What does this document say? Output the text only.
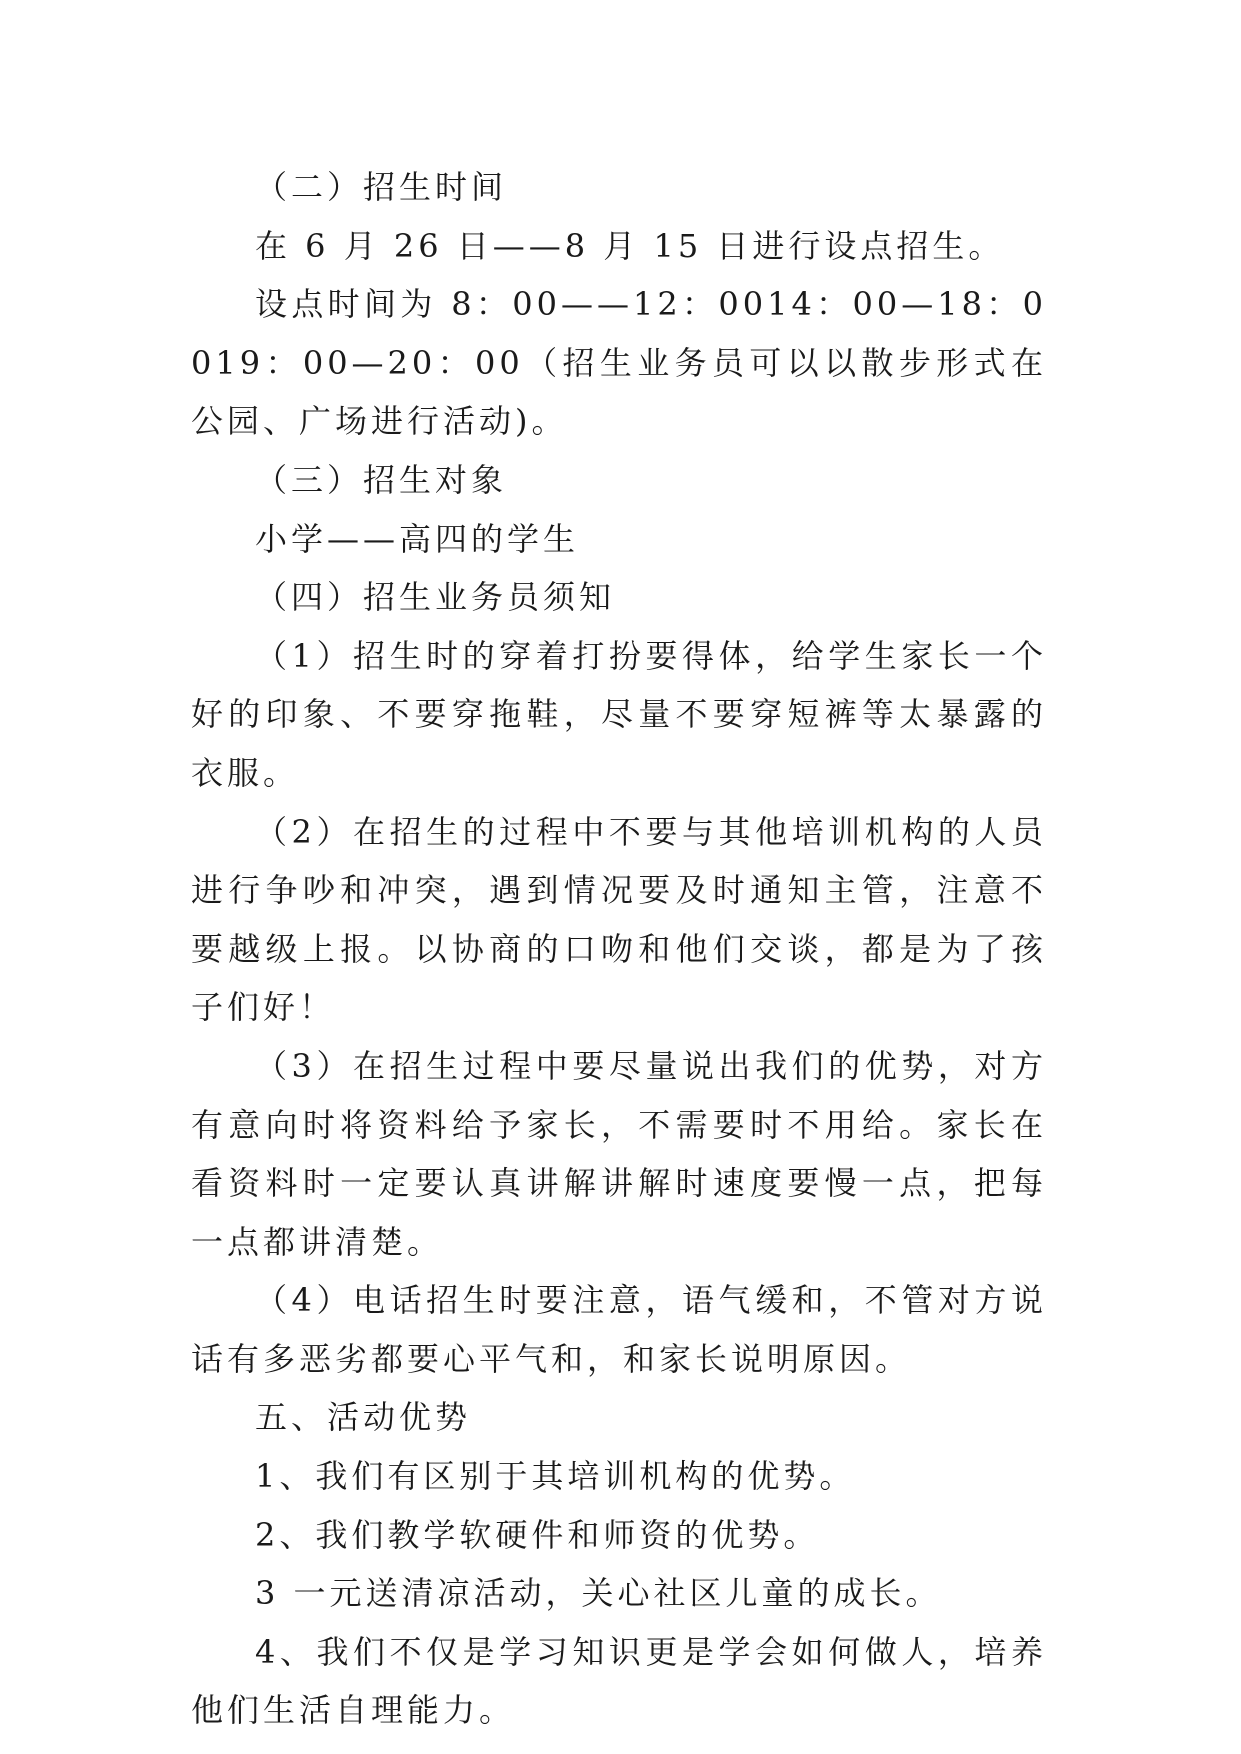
（二）招生时间

在 6 月 26 日——8 月 15 日进行设点招生。

设点时间为 8：00——12：0014：00—18：0019：00—20：00（招生业务员可以以散步形式在公园、广场进行活动)。

（三）招生对象

小学——高四的学生

（四）招生业务员须知

（1）招生时的穿着打扮要得体，给学生家长一个好的印象、不要穿拖鞋，尽量不要穿短裤等太暴露的衣服。

（2）在招生的过程中不要与其他培训机构的人员进行争吵和冲突，遇到情况要及时通知主管，注意不要越级上报。以协商的口吻和他们交谈，都是为了孩子们好！

（3）在招生过程中要尽量说出我们的优势，对方有意向时将资料给予家长，不需要时不用给。家长在看资料时一定要认真讲解讲解时速度要慢一点，把每一点都讲清楚。

（4）电话招生时要注意，语气缓和，不管对方说话有多恶劣都要心平气和，和家长说明原因。

五、活动优势

1、我们有区别于其培训机构的优势。

2、我们教学软硬件和师资的优势。

3 一元送清凉活动，关心社区儿童的成长。

4、我们不仅是学习知识更是学会如何做人，培养他们生活自理能力。
